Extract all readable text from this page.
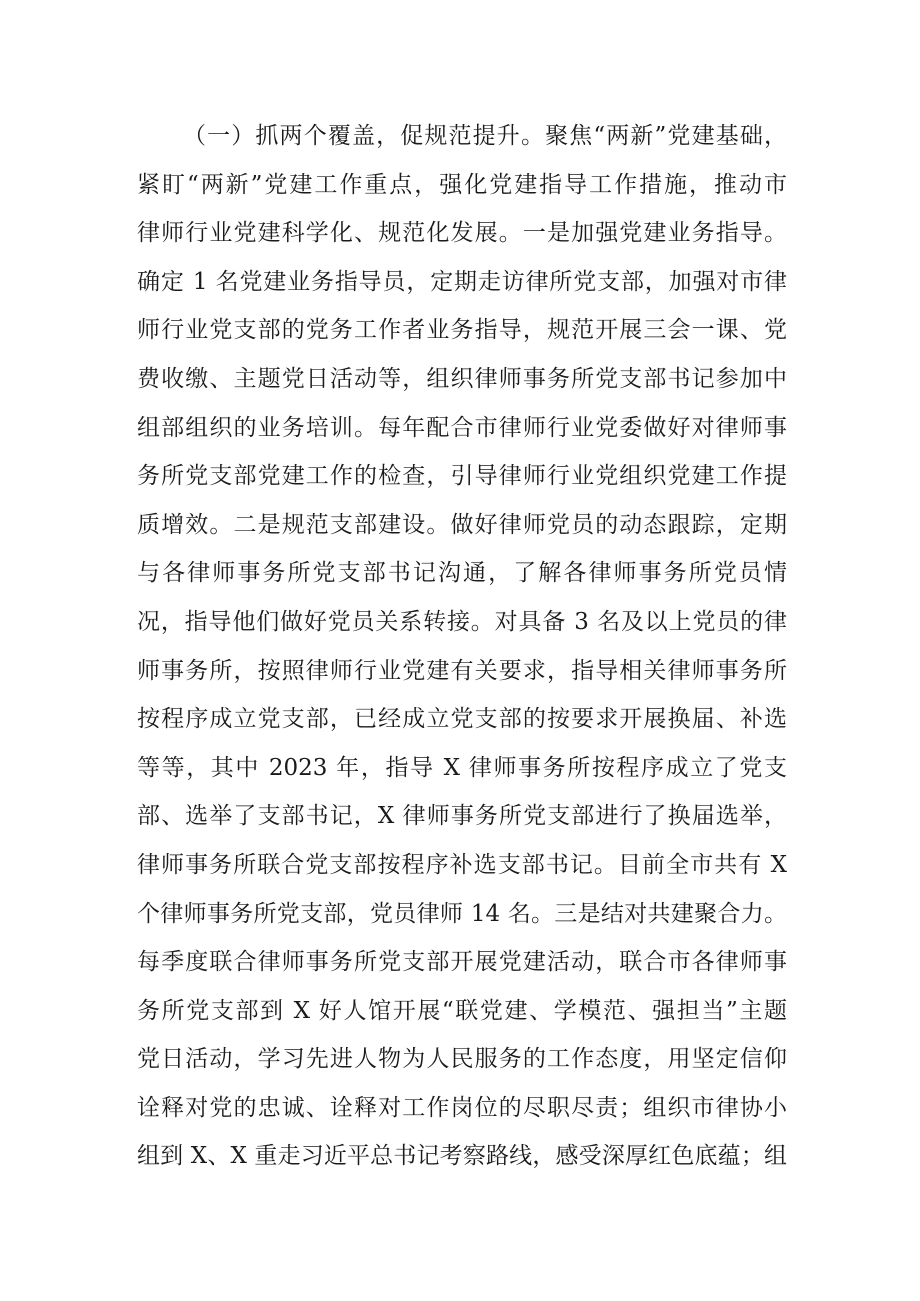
（一）抓两个覆盖，促规范提升。聚焦“两新”党建基础，
紧盯“两新”党建工作重点，强化党建指导工作措施，推动市
律师行业党建科学化、规范化发展。一是加强党建业务指导。
确定 1 名党建业务指导员，定期走访律所党支部，加强对市律
师行业党支部的党务工作者业务指导，规范开展三会一课、党
费收缴、主题党日活动等，组织律师事务所党支部书记参加中
组部组织的业务培训。每年配合市律师行业党委做好对律师事
务所党支部党建工作的检查，引导律师行业党组织党建工作提
质增效。二是规范支部建设。做好律师党员的动态跟踪，定期
与各律师事务所党支部书记沟通，了解各律师事务所党员情
况，指导他们做好党员关系转接。对具备 3 名及以上党员的律
师事务所，按照律师行业党建有关要求，指导相关律师事务所
按程序成立党支部，已经成立党支部的按要求开展换届、补选
等等，其中 2023 年，指导 X 律师事务所按程序成立了党支
部、选举了支部书记，X 律师事务所党支部进行了换届选举，
律师事务所联合党支部按程序补选支部书记。目前全市共有 X
个律师事务所党支部，党员律师 14 名。三是结对共建聚合力。
每季度联合律师事务所党支部开展党建活动，联合市各律师事
务所党支部到 X 好人馆开展“联党建、学模范、强担当”主题
党日活动，学习先进人物为人民服务的工作态度，用坚定信仰
诠释对党的忠诚、诠释对工作岗位的尽职尽责；组织市律协小
组到 X、X 重走习近平总书记考察路线，感受深厚红色底蕴；组
